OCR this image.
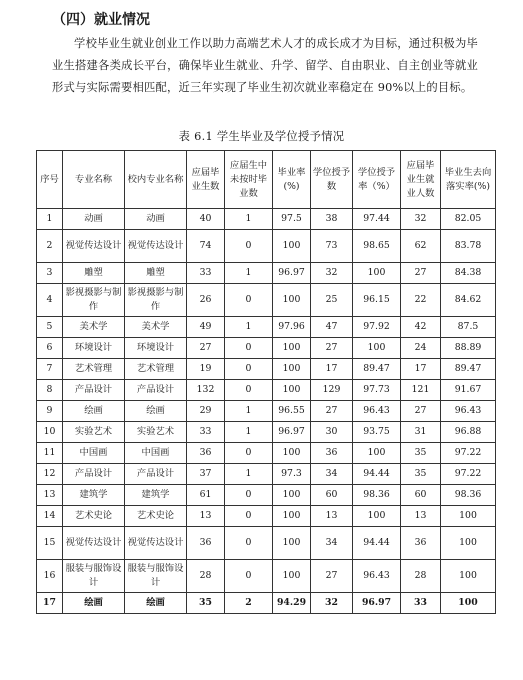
（四）就业情况

学校毕业生就业创业工作以助力高端艺术人才的成长成才为目标，通过积极为毕业生搭建各类成长平台，确保毕业生就业、升学、留学、自由职业、自主创业等就业形式与实际需要相匹配，近三年实现了毕业生初次就业率稳定在 90%以上的目标。

表 6.1 学生毕业及学位授予情况
序号	专业名称	校内专业名称	应届毕业生数	应届生中未按时毕业数	毕业率(%)	学位授予数	学位授予率（%）	应届毕业生就业人数	毕业生去向落实率(%)
1	动画	动画	40	1	97.5	38	97.44	32	82.05
2	视觉传达设计	视觉传达设计	74	0	100	73	98.65	62	83.78
3	雕塑	雕塑	33	1	96.97	32	100	27	84.38
4	影视摄影与制作	影视摄影与制作	26	0	100	25	96.15	22	84.62
5	美术学	美术学	49	1	97.96	47	97.92	42	87.5
6	环境设计	环境设计	27	0	100	27	100	24	88.89
7	艺术管理	艺术管理	19	0	100	17	89.47	17	89.47
8	产品设计	产品设计	132	0	100	129	97.73	121	91.67
9	绘画	绘画	29	1	96.55	27	96.43	27	96.43
10	实验艺术	实验艺术	33	1	96.97	30	93.75	31	96.88
11	中国画	中国画	36	0	100	36	100	35	97.22
12	产品设计	产品设计	37	1	97.3	34	94.44	35	97.22
13	建筑学	建筑学	61	0	100	60	98.36	60	98.36
14	艺术史论	艺术史论	13	0	100	13	100	13	100
15	视觉传达设计	视觉传达设计	36	0	100	34	94.44	36	100
16	服装与服饰设计	服装与服饰设计	28	0	100	27	96.43	28	100
17	绘画	绘画	35	2	94.29	32	96.97	33	100
